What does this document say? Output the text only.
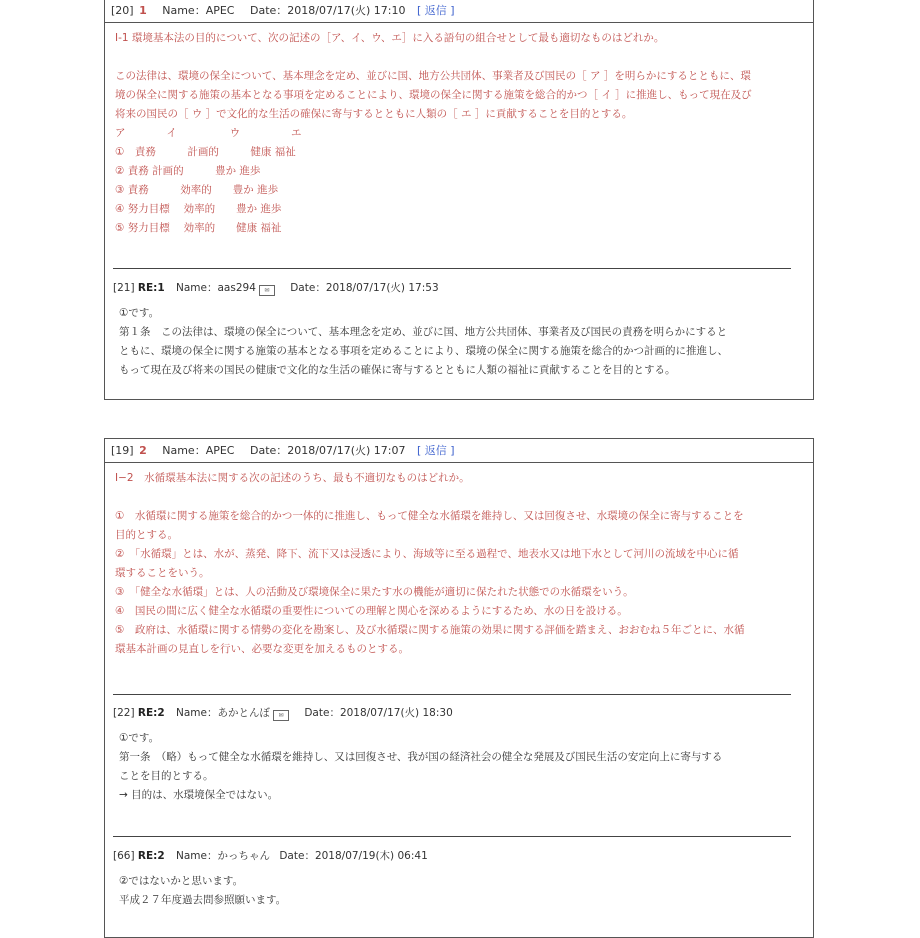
[20] 1 Name：APEC Date：2018/07/17(火) 17:10 [ 返信 ]
Ⅰ-1 環境基本法の目的について、次の記述の［ア、イ、ウ、エ］に入る語句の組合せとして最も適切なものはどれか。
この法律は、環境の保全について、基本理念を定め、並びに国、地方公共団体、事業者及び国民の［ ア ］を明らかにするとともに、環
境の保全に関する施策の基本となる事項を定めることにより、環境の保全に関する施策を総合的かつ［ イ ］に推進し、もって現在及び
将来の国民の［ ウ ］で文化的な生活の確保に寄与するとともに人類の［ エ ］に貢献することを目的とする。
ア	イ	ウ	エ
①　責務　　　計画的　　　健康 福祉
② 責務 計画的　　　豊か 進歩
③ 責務　　　効率的　　豊か 進歩
④ 努力目標　 効率的　　豊か 進歩
⑤ 努力目標　 効率的　　健康 福祉
[21] RE:1 Name：aas294 ✉ Date：2018/07/17(火) 17:53
①です。
第１条　この法律は、環境の保全について、基本理念を定め、並びに国、地方公共団体、事業者及び国民の責務を明らかにすると
ともに、環境の保全に関する施策の基本となる事項を定めることにより、環境の保全に関する施策を総合的かつ計画的に推進し、
もって現在及び将来の国民の健康で文化的な生活の確保に寄与するとともに人類の福祉に貢献することを目的とする。
[19] 2 Name：APEC Date：2018/07/17(火) 17:07 [ 返信 ]
Ⅰ−2　水循環基本法に関する次の記述のうち、最も不適切なものはどれか。
①　水循環に関する施策を総合的かつ一体的に推進し、もって健全な水循環を維持し、又は回復させ、水環境の保全に寄与することを
目的とする。
②　「水循環」とは、水が、蒸発、降下、流下又は浸透により、海域等に至る過程で、地表水又は地下水として河川の流域を中心に循
環することをいう。
③　「健全な水循環」とは、人の活動及び環境保全に果たす水の機能が適切に保たれた状態での水循環をいう。
④　国民の間に広く健全な水循環の重要性についての理解と関心を深めるようにするため、水の日を設ける。
⑤　政府は、水循環に関する情勢の変化を勘案し、及び水循環に関する施策の効果に関する評価を踏まえ、おおむね５年ごとに、水循
環基本計画の見直しを行い、必要な変更を加えるものとする。
[22] RE:2 Name：あかとんぼ ✉ Date：2018/07/17(火) 18:30
①です。
第一条　（略）もって健全な水循環を維持し、又は回復させ、我が国の経済社会の健全な発展及び国民生活の安定向上に寄与する
ことを目的とする。
→ 目的は、水環境保全ではない。
[66] RE:2 Name：かっちゃん Date：2018/07/19(木) 06:41
②ではないかと思います。
平成２７年度過去問参照願います。
